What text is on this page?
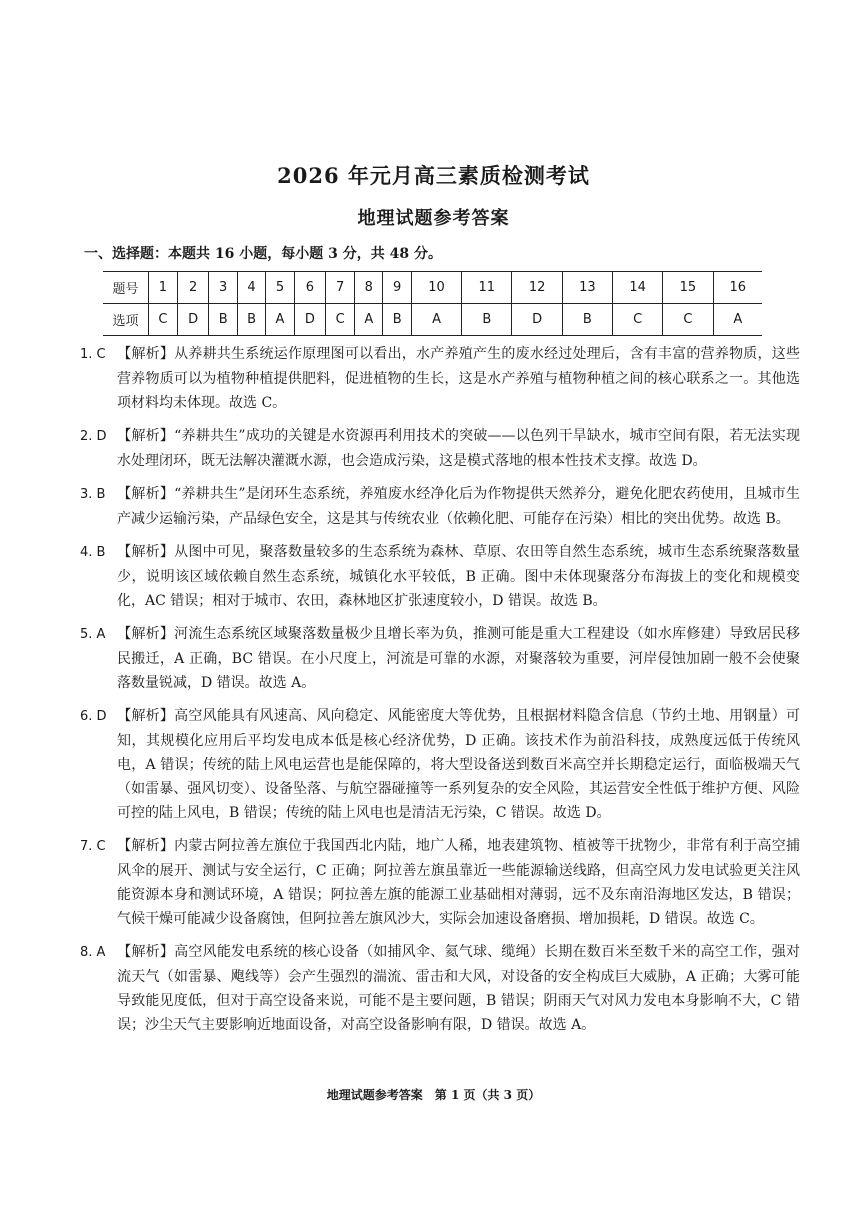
2026 年元月高三素质检测考试
地理试题参考答案
一、选择题：本题共 16 小题，每小题 3 分，共 48 分。
题号	1	2	3	4	5	6	7	8	9	10	11	12	13	14	15	16
选项	C	D	B	B	A	D	C	A	B	A	B	D	B	C	C	A
1. C 【解析】从养耕共生系统运作原理图可以看出，水产养殖产生的废水经过处理后，含有丰富的营养物质，这些营养物质可以为植物种植提供肥料，促进植物的生长，这是水产养殖与植物种植之间的核心联系之一。其他选项材料均未体现。故选 C。
2. D 【解析】“养耕共生”成功的关键是水资源再利用技术的突破——以色列干旱缺水，城市空间有限，若无法实现水处理闭环，既无法解决灌溉水源，也会造成污染，这是模式落地的根本性技术支撑。故选 D。
3. B 【解析】“养耕共生”是闭环生态系统，养殖废水经净化后为作物提供天然养分，避免化肥农药使用，且城市生产减少运输污染，产品绿色安全，这是其与传统农业（依赖化肥、可能存在污染）相比的突出优势。故选 B。
4. B 【解析】从图中可见，聚落数量较多的生态系统为森林、草原、农田等自然生态系统，城市生态系统聚落数量少，说明该区域依赖自然生态系统，城镇化水平较低，B 正确。图中未体现聚落分布海拔上的变化和规模变化，AC 错误；相对于城市、农田，森林地区扩张速度较小，D 错误。故选 B。
5. A 【解析】河流生态系统区域聚落数量极少且增长率为负，推测可能是重大工程建设（如水库修建）导致居民移民搬迁，A 正确，BC 错误。在小尺度上，河流是可靠的水源，对聚落较为重要，河岸侵蚀加剧一般不会使聚落数量锐减，D 错误。故选 A。
6. D 【解析】高空风能具有风速高、风向稳定、风能密度大等优势，且根据材料隐含信息（节约土地、用钢量）可知，其规模化应用后平均发电成本低是核心经济优势，D 正确。该技术作为前沿科技，成熟度远低于传统风电，A 错误；传统的陆上风电运营也是能保障的，将大型设备送到数百米高空并长期稳定运行，面临极端天气（如雷暴、强风切变）、设备坠落、与航空器碰撞等一系列复杂的安全风险，其运营安全性低于维护方便、风险可控的陆上风电，B 错误；传统的陆上风电也是清洁无污染，C 错误。故选 D。
7. C 【解析】内蒙古阿拉善左旗位于我国西北内陆，地广人稀，地表建筑物、植被等干扰物少，非常有利于高空捕风伞的展开、测试与安全运行，C 正确；阿拉善左旗虽靠近一些能源输送线路，但高空风力发电试验更关注风能资源本身和测试环境，A 错误；阿拉善左旗的能源工业基础相对薄弱，远不及东南沿海地区发达，B 错误；气候干燥可能减少设备腐蚀，但阿拉善左旗风沙大，实际会加速设备磨损、增加损耗，D 错误。故选 C。
8. A 【解析】高空风能发电系统的核心设备（如捕风伞、氦气球、缆绳）长期在数百米至数千米的高空工作，强对流天气（如雷暴、飑线等）会产生强烈的湍流、雷击和大风，对设备的安全构成巨大威胁，A 正确；大雾可能导致能见度低，但对于高空设备来说，可能不是主要问题，B 错误；阴雨天气对风力发电本身影响不大，C 错误；沙尘天气主要影响近地面设备，对高空设备影响有限，D 错误。故选 A。
地理试题参考答案　第 1 页（共 3 页）
